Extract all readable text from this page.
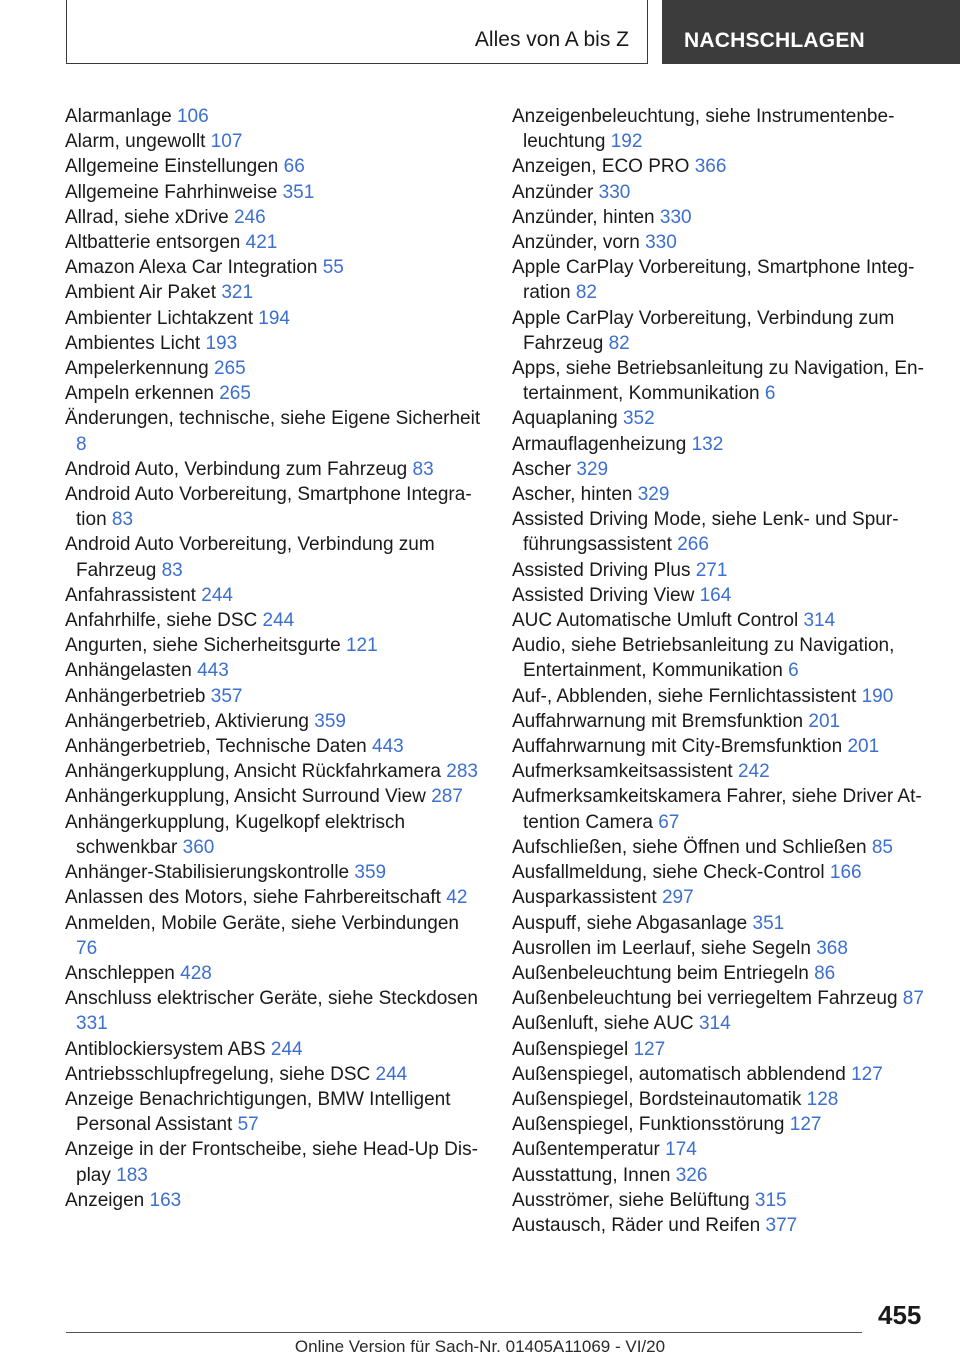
Alles von A bis Z	NACHSCHLAGEN
Alarmanlage 106
Alarm, ungewollt 107
Allgemeine Einstellungen 66
Allgemeine Fahrhinweise 351
Allrad, siehe xDrive 246
Altbatterie entsorgen 421
Amazon Alexa Car Integration 55
Ambient Air Paket 321
Ambienter Lichtakzent 194
Ambientes Licht 193
Ampelerkennung 265
Ampeln erkennen 265
Änderungen, technische, siehe Eigene Sicherheit 8
Android Auto, Verbindung zum Fahrzeug 83
Android Auto Vorbereitung, Smartphone Integration 83
Android Auto Vorbereitung, Verbindung zum Fahrzeug 83
Anfahrassistent 244
Anfahrhilfe, siehe DSC 244
Angurten, siehe Sicherheitsgurte 121
Anhängelasten 443
Anhängerbetrieb 357
Anhängerbetrieb, Aktivierung 359
Anhängerbetrieb, Technische Daten 443
Anhängerkupplung, Ansicht Rückfahrkamera 283
Anhängerkupplung, Ansicht Surround View 287
Anhängerkupplung, Kugelkopf elektrisch schwenkbar 360
Anhänger-Stabilisierungskontrolle 359
Anlassen des Motors, siehe Fahrbereitschaft 42
Anmelden, Mobile Geräte, siehe Verbindungen 76
Anschleppen 428
Anschluss elektrischer Geräte, siehe Steckdosen 331
Antiblockiersystem ABS 244
Antriebsschlupfregelung, siehe DSC 244
Anzeige Benachrichtigungen, BMW Intelligent Personal Assistant 57
Anzeige in der Frontscheibe, siehe Head-Up Display 183
Anzeigen 163
Anzeigenbeleuchtung, siehe Instrumentenbeleuchtung 192
Anzeigen, ECO PRO 366
Anzünder 330
Anzünder, hinten 330
Anzünder, vorn 330
Apple CarPlay Vorbereitung, Smartphone Integration 82
Apple CarPlay Vorbereitung, Verbindung zum Fahrzeug 82
Apps, siehe Betriebsanleitung zu Navigation, Entertainment, Kommunikation 6
Aquaplaning 352
Armauflagenheizung 132
Ascher 329
Ascher, hinten 329
Assisted Driving Mode, siehe Lenk- und Spurführungsassistent 266
Assisted Driving Plus 271
Assisted Driving View 164
AUC Automatische Umluft Control 314
Audio, siehe Betriebsanleitung zu Navigation, Entertainment, Kommunikation 6
Auf-, Abblenden, siehe Fernlichtassistent 190
Auffahrwarnung mit Bremsfunktion 201
Auffahrwarnung mit City-Bremsfunktion 201
Aufmerksamkeitsassistent 242
Aufmerksamkeitskamera Fahrer, siehe Driver Attention Camera 67
Aufschließen, siehe Öffnen und Schließen 85
Ausfallmeldung, siehe Check-Control 166
Ausparkassistent 297
Auspuff, siehe Abgasanlage 351
Ausrollen im Leerlauf, siehe Segeln 368
Außenbeleuchtung beim Entriegeln 86
Außenbeleuchtung bei verriegeltem Fahrzeug 87
Außenluft, siehe AUC 314
Außenspiegel 127
Außenspiegel, automatisch abblendend 127
Außenspiegel, Bordsteinautomatik 128
Außenspiegel, Funktionsstörung 127
Außentemperatur 174
Ausstattung, Innen 326
Ausströmer, siehe Belüftung 315
Austausch, Räder und Reifen 377
455
Online Version für Sach-Nr. 01405A11069 - VI/20
